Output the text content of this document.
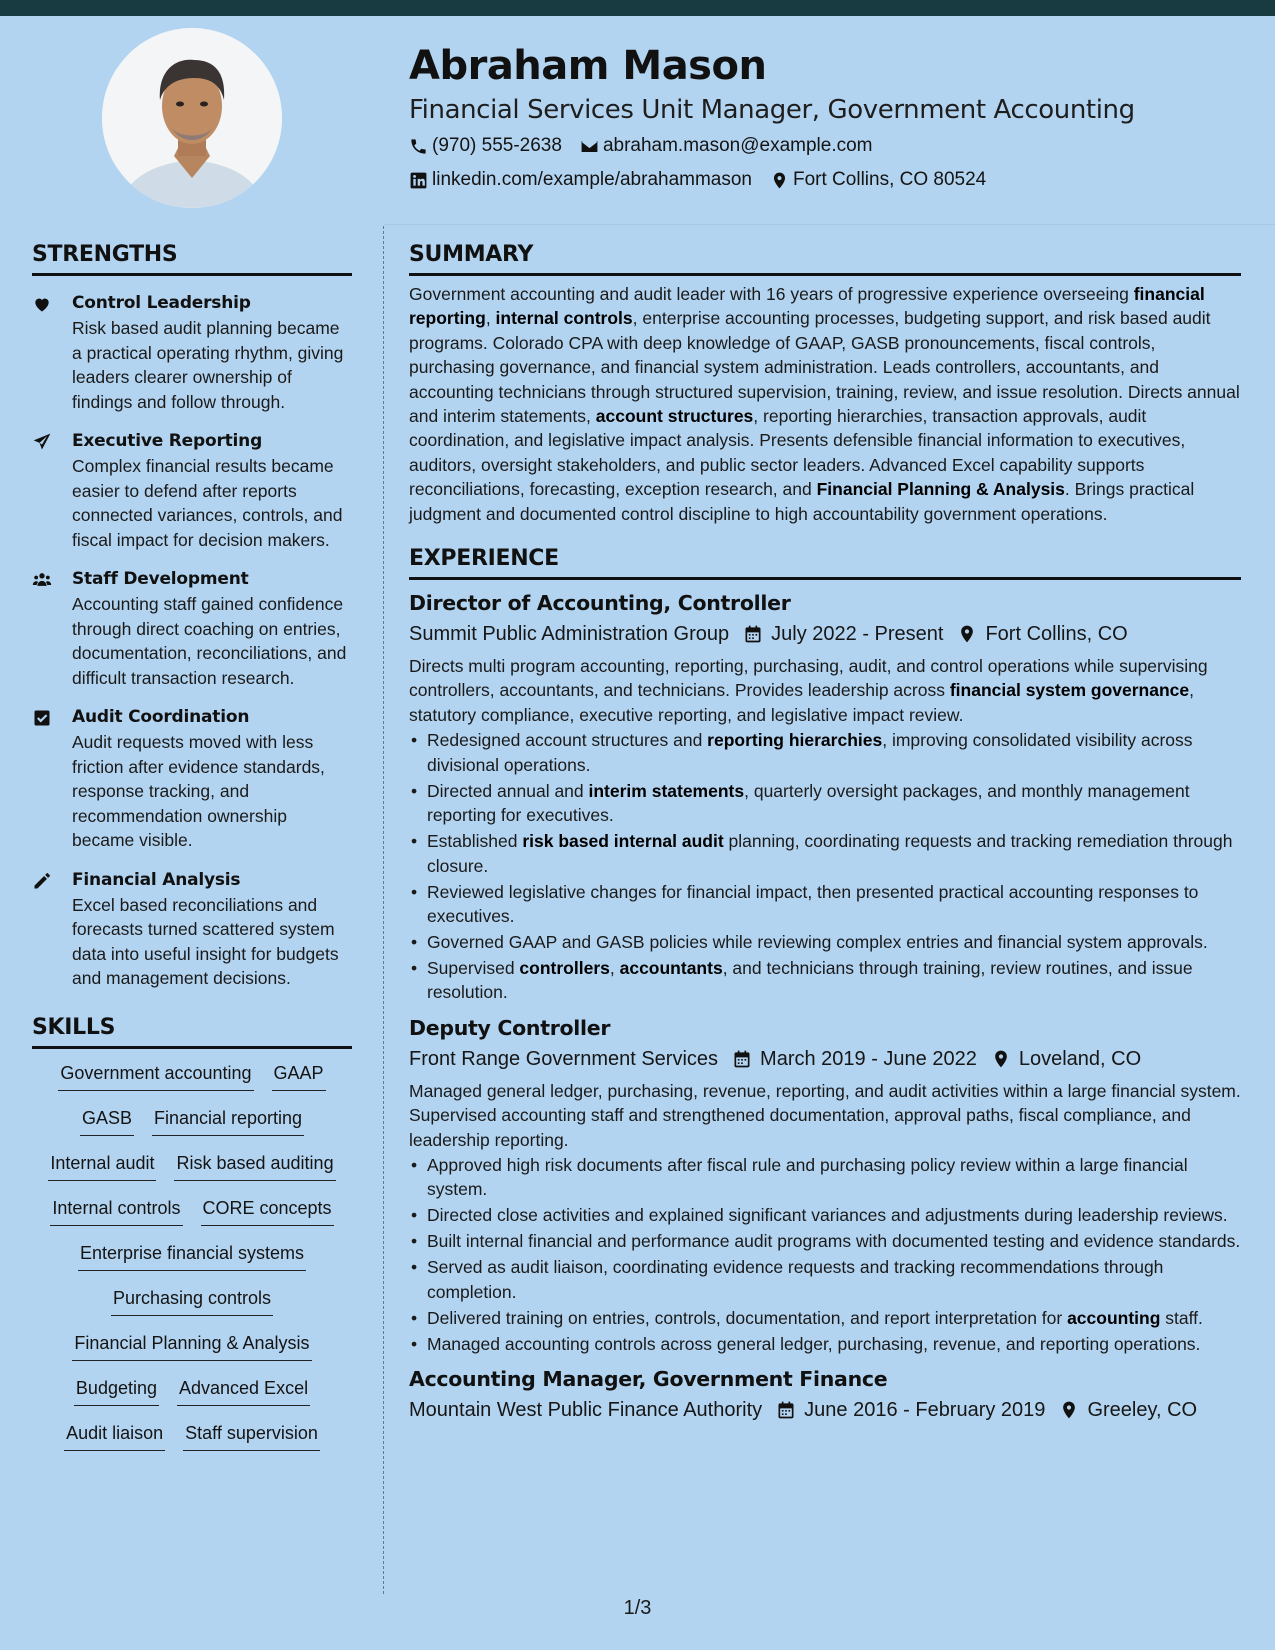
Abraham Mason
Financial Services Unit Manager, Government Accounting
(970) 555-2638 abraham.mason@example.com
linkedin.com/example/abrahammason Fort Collins, CO 80524
STRENGTHS
Control Leadership
Risk based audit planning became a practical operating rhythm, giving leaders clearer ownership of findings and follow through.
Executive Reporting
Complex financial results became easier to defend after reports connected variances, controls, and fiscal impact for decision makers.
Staff Development
Accounting staff gained confidence through direct coaching on entries, documentation, reconciliations, and difficult transaction research.
Audit Coordination
Audit requests moved with less friction after evidence standards, response tracking, and recommendation ownership became visible.
Financial Analysis
Excel based reconciliations and forecasts turned scattered system data into useful insight for budgets and management decisions.
SKILLS
Government accounting GAAP
GASB Financial reporting
Internal audit Risk based auditing
Internal controls CORE concepts
Enterprise financial systems
Purchasing controls
Financial Planning & Analysis
Budgeting Advanced Excel
Audit liaison Staff supervision
SUMMARY

Government accounting and audit leader with 16 years of progressive experience overseeing financial reporting, internal controls, enterprise accounting processes, budgeting support, and risk based audit programs. Colorado CPA with deep knowledge of GAAP, GASB pronouncements, fiscal controls, purchasing governance, and financial system administration. Leads controllers, accountants, and accounting technicians through structured supervision, training, review, and issue resolution. Directs annual and interim statements, account structures, reporting hierarchies, transaction approvals, audit coordination, and legislative impact analysis. Presents defensible financial information to executives, auditors, oversight stakeholders, and public sector leaders. Advanced Excel capability supports reconciliations, forecasting, exception research, and Financial Planning & Analysis. Brings practical judgment and documented control discipline to high accountability government operations.

EXPERIENCE
Director of Accounting, Controller
Summit Public Administration Group July 2022 - Present Fort Collins, CO

Directs multi program accounting, reporting, purchasing, audit, and control operations while supervising controllers, accountants, and technicians. Provides leadership across financial system governance, statutory compliance, executive reporting, and legislative impact review.

• Redesigned account structures and reporting hierarchies, improving consolidated visibility across divisional operations.
• Directed annual and interim statements, quarterly oversight packages, and monthly management reporting for executives.
• Established risk based internal audit planning, coordinating requests and tracking remediation through closure.
• Reviewed legislative changes for financial impact, then presented practical accounting responses to executives.
• Governed GAAP and GASB policies while reviewing complex entries and financial system approvals.
• Supervised controllers, accountants, and technicians through training, review routines, and issue resolution.
Deputy Controller
Front Range Government Services March 2019 - June 2022 Loveland, CO

Managed general ledger, purchasing, revenue, reporting, and audit activities within a large financial system. Supervised accounting staff and strengthened documentation, approval paths, fiscal compliance, and leadership reporting.

• Approved high risk documents after fiscal rule and purchasing policy review within a large financial system.
• Directed close activities and explained significant variances and adjustments during leadership reviews.
• Built internal financial and performance audit programs with documented testing and evidence standards.
• Served as audit liaison, coordinating evidence requests and tracking recommendations through completion.
• Delivered training on entries, controls, documentation, and report interpretation for accounting staff.
• Managed accounting controls across general ledger, purchasing, revenue, and reporting operations.
Accounting Manager, Government Finance
Mountain West Public Finance Authority June 2016 - February 2019 Greeley, CO
1/3
